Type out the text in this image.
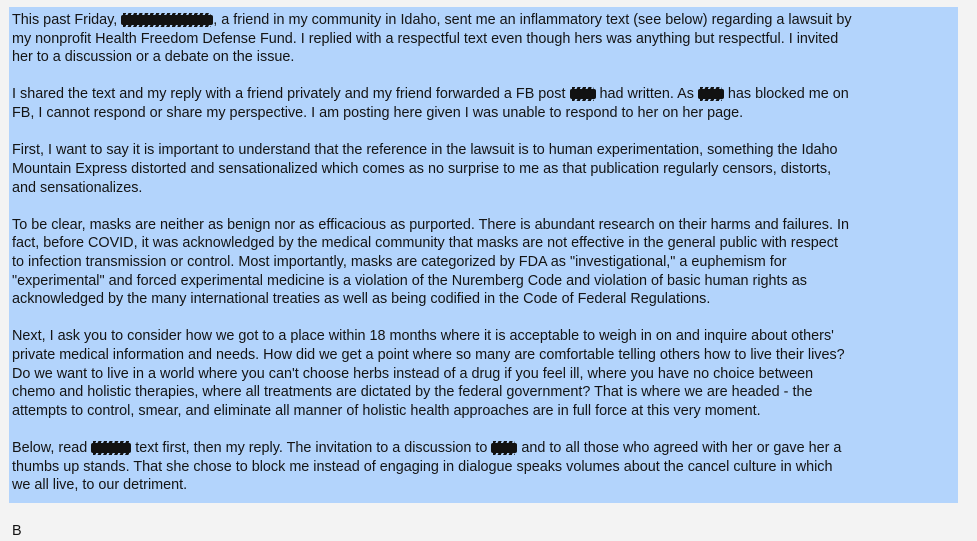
This past Friday,	, a friend in my community in Idaho, sent me an inflammatory text (see below) regarding a lawsuit by
my nonprofit Health Freedom Defense Fund. I replied with a respectful text even though hers was anything but respectful. I invited
her to a discussion or a debate on the issue.

I shared the text and my reply with a friend privately and my friend forwarded a FB post  had written. As  has blocked me on
FB, I cannot respond or share my perspective. I am posting here given I was unable to respond to her on her page.

First, I want to say it is important to understand that the reference in the lawsuit is to human experimentation, something the Idaho
Mountain Express distorted and sensationalized which comes as no surprise to me as that publication regularly censors, distorts,
and sensationalizes.

To be clear, masks are neither as benign nor as efficacious as purported. There is abundant research on their harms and failures. In
fact, before COVID, it was acknowledged by the medical community that masks are not effective in the general public with respect
to infection transmission or control. Most importantly, masks are categorized by FDA as "investigational," a euphemism for
"experimental" and forced experimental medicine is a violation of the Nuremberg Code and violation of basic human rights as
acknowledged by the many international treaties as well as being codified in the Code of Federal Regulations.

Next, I ask you to consider how we got to a place within 18 months where it is acceptable to weigh in on and inquire about others'
private medical information and needs. How did we get a point where so many are comfortable telling others how to live their lives?
Do we want to live in a world where you can't choose herbs instead of a drug if you feel ill, where you have no choice between
chemo and holistic therapies, where all treatments are dictated by the federal government? That is where we are headed - the
attempts to control, smear, and eliminate all manner of holistic health approaches are in full force at this very moment.

Below, read	text first, then my reply. The invitation to a discussion to  and to all those who agreed with her or gave her a
thumbs up stands. That she chose to block me instead of engaging in dialogue speaks volumes about the cancel culture in which
we all live, to our detriment.

B
